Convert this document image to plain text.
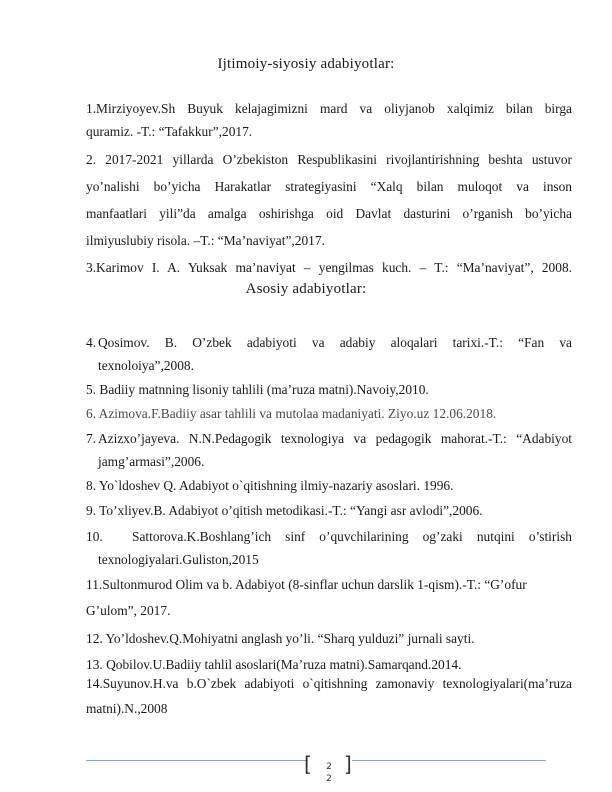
Ijtimoiy-siyosiy adabiyotlar:
1.Mirziyoyev.Sh Buyuk kelajagimizni mard va oliyjanob xalqimiz bilan birga
quramiz. -T.: “Tafakkur”,2017.
2. 2017-2021 yillarda O’zbekiston Respublikasini rivojlantirishning beshta ustuvor
yo’nalishi bo’yicha Harakatlar strategiyasini “Xalq bilan muloqot va inson
manfaatlari yili”da amalga oshirishga oid Davlat dasturini o’rganish bo’yicha
ilmiyuslubiy risola. –T.: “Ma’naviyat”,2017.
3.Karimov I. A. Yuksak ma’naviyat – yengilmas kuch. – T.: “Ma’naviyat”, 2008.
Asosiy adabiyotlar:
4. Qosimov. B. O’zbek adabiyoti va adabiy aloqalari tarixi.-T.: “Fan va
texnoloiya”,2008.
5. Badiiy matnning lisoniy tahlili (ma’ruza matni).Navoiy,2010.
6. Azimova.F.Badiiy asar tahlili va mutolaa madaniyati. Ziyo.uz 12.06.2018.
7. Azizxo’jayeva. N.N.Pedagogik texnologiya va pedagogik mahorat.-T.: “Adabiyot
jamg’armasi”,2006.
8. Yo`ldoshev Q. Adabiyot o`qitishning ilmiy-nazariy asoslari. 1996.
9. To’xliyev.B. Adabiyot o’qitish metodikasi.-T.: “Yangi asr avlodi”,2006.
10. Sattorova.K.Boshlang’ich sinf o’quvchilarining og’zaki nutqini o’stirish
texnologiyalari.Guliston,2015
11.Sultonmurod Olim va b. Adabiyot (8-sinflar uchun darslik 1-qism).-T.: “G’ofur
G’ulom”, 2017.
12. Yo’ldoshev.Q.Mohiyatni anglash yo’li. “Sharq yulduzi” jurnali sayti.
13. Qobilov.U.Badiiy tahlil asoslari(Ma’ruza matni).Samarqand.2014.
14.Suyunov.H.va b.O`zbek adabiyoti o`qitishning zamonaviy texnologiyalari(ma’ruza
matni).N.,2008
[ ]
2
2
